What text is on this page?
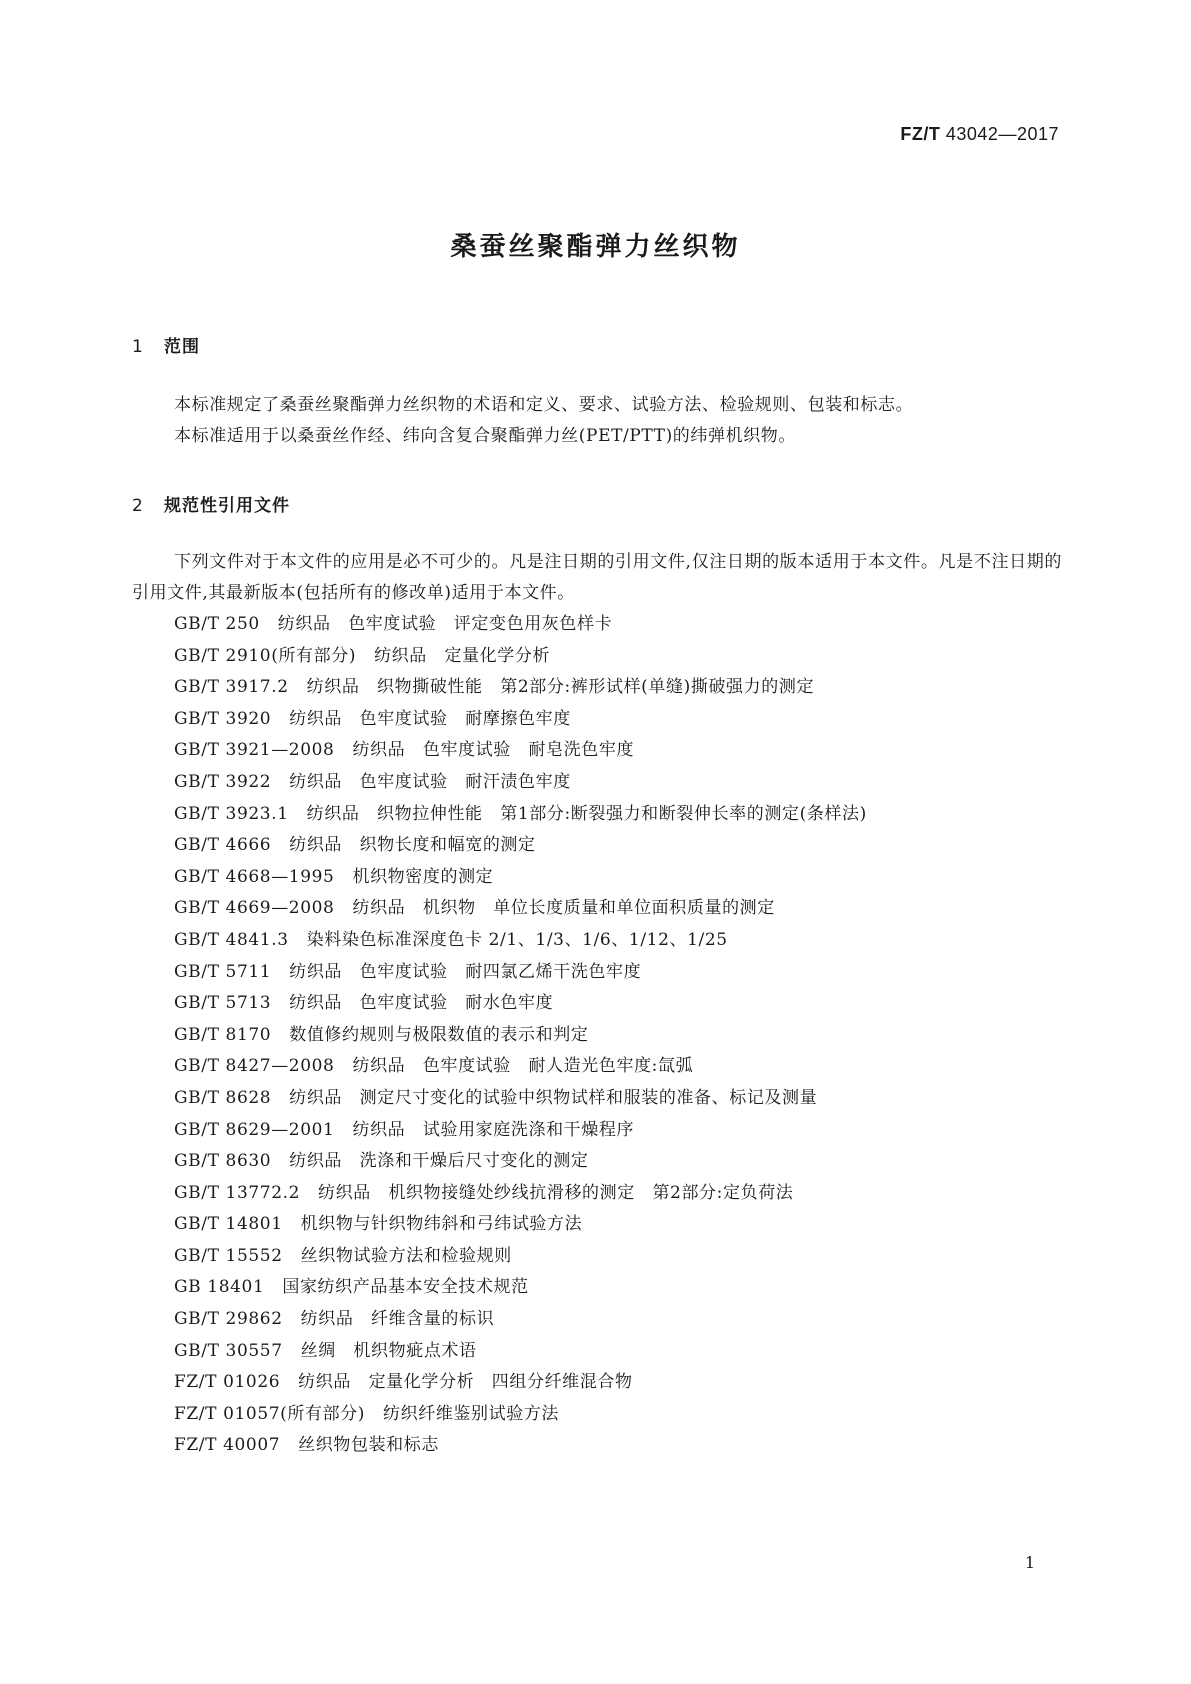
FZ/T 43042—2017
桑蚕丝聚酯弹力丝织物
1 范围

本标准规定了桑蚕丝聚酯弹力丝织物的术语和定义、要求、试验方法、检验规则、包装和标志。

本标准适用于以桑蚕丝作经、纬向含复合聚酯弹力丝(PET/PTT)的纬弹机织物。

2 规范性引用文件

下列文件对于本文件的应用是必不可少的。凡是注日期的引用文件,仅注日期的版本适用于本文件。凡是不注日期的引用文件,其最新版本(包括所有的修改单)适用于本文件。

GB/T 250 纺织品　色牢度试验　评定变色用灰色样卡
GB/T 2910(所有部分) 纺织品　定量化学分析
GB/T 3917.2 纺织品　织物撕破性能　第2部分:裤形试样(单缝)撕破强力的测定
GB/T 3920 纺织品　色牢度试验　耐摩擦色牢度
GB/T 3921—2008 纺织品　色牢度试验　耐皂洗色牢度
GB/T 3922 纺织品　色牢度试验　耐汗渍色牢度
GB/T 3923.1 纺织品　织物拉伸性能　第1部分:断裂强力和断裂伸长率的测定(条样法)
GB/T 4666 纺织品　织物长度和幅宽的测定
GB/T 4668—1995 机织物密度的测定
GB/T 4669—2008 纺织品　机织物　单位长度质量和单位面积质量的测定
GB/T 4841.3 染料染色标准深度色卡 2/1、1/3、1/6、1/12、1/25
GB/T 5711 纺织品　色牢度试验　耐四氯乙烯干洗色牢度
GB/T 5713 纺织品　色牢度试验　耐水色牢度
GB/T 8170 数值修约规则与极限数值的表示和判定
GB/T 8427—2008 纺织品　色牢度试验　耐人造光色牢度:氙弧
GB/T 8628 纺织品　测定尺寸变化的试验中织物试样和服装的准备、标记及测量
GB/T 8629—2001 纺织品　试验用家庭洗涤和干燥程序
GB/T 8630 纺织品　洗涤和干燥后尺寸变化的测定
GB/T 13772.2 纺织品　机织物接缝处纱线抗滑移的测定　第2部分:定负荷法
GB/T 14801 机织物与针织物纬斜和弓纬试验方法
GB/T 15552 丝织物试验方法和检验规则
GB 18401 国家纺织产品基本安全技术规范
GB/T 29862 纺织品　纤维含量的标识
GB/T 30557 丝绸　机织物疵点术语
FZ/T 01026 纺织品　定量化学分析　四组分纤维混合物
FZ/T 01057(所有部分) 纺织纤维鉴别试验方法
FZ/T 40007 丝织物包装和标志
1
